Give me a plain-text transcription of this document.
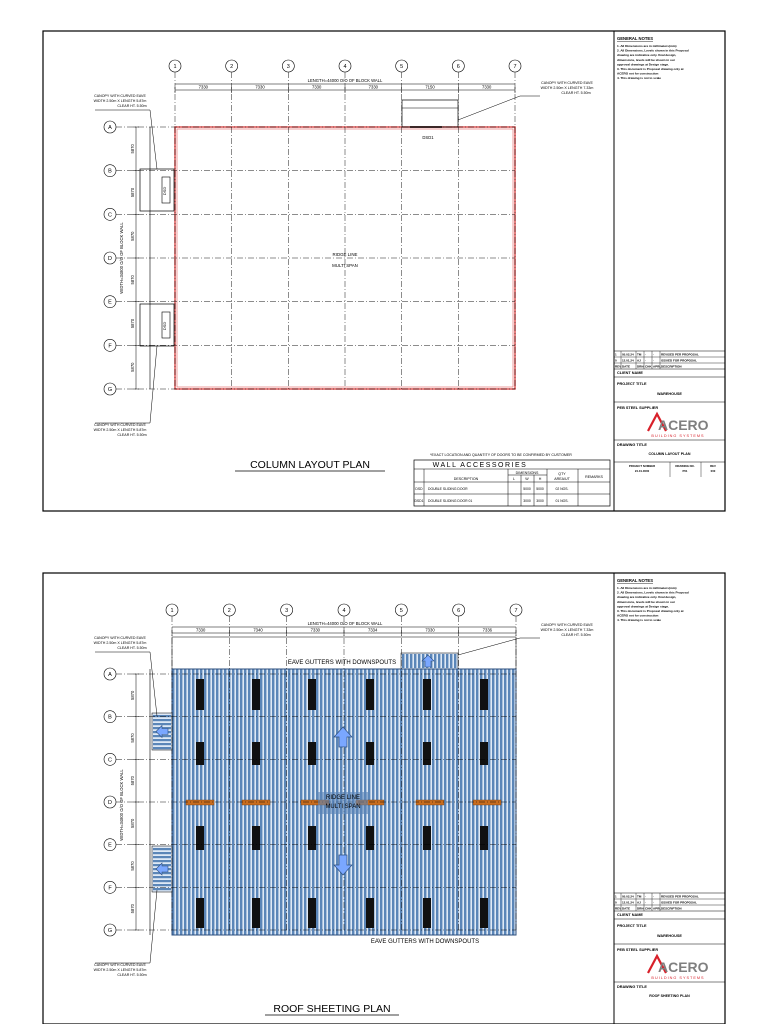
1	2	3	4	5	6	7
A
B
C
D
E
F
G
7330	7330	7330	7330	7150	7330
5870
5870
5870
5870
5870
5870
LENGTH=44000 O/O OF BLOCK WALL
WIDTH=34800 O/O OF BLOCK WALL
DSD
DSD
DSD1
RIDGE LINE
MULTI SPAN
CANOPY WITH CURVED EAVE
WIDTH 2.50m X LENGTH 5.87m
CLEAR HT. 5.50m
CANOPY WITH CURVED EAVE
WIDTH 2.50m X LENGTH 7.33m
CLEAR HT. 5.50m
CANOPY WITH CURVED EAVE
WIDTH 2.50m X LENGTH 5.87m
CLEAR HT. 5.50m
COLUMN LAYOUT PLAN
*EXACT LOCATION AND QUANTITY OF DOORS TO BE CONFIRMED BY CUSTOMER
WALL ACCESSORIES
DESCRIPTION
DIMENSIONS
L	W	H
QTY
AREA/UT	REMARKS
DSD DOUBLE SLIDING DOOR	5000 5000	02 NOS.
DSD1 DOUBLE SLIDING DOOR 01	3000 3000	01 NOS.
GENERAL NOTES
1. All Dimensions are in millimeters(mm)
2. All Dimensions, Levels shown in this Proposal
drawing are indicative only. final design,
dimensions, levels will be shown in our
approval drawings at Design stage.
3. This document is Proposal drawing only at
ACERO not for construction
4. This drawing is not to scale
1 05.02.24 TM - - REVISED PER PROPOSAL
0 12.01.24 AJ - - ISSUED FOR PROPOSAL
REV DATE DRN CHK APRL DESCRIPTION
CLIENT NAME
PROJECT TITLE
WAREHOUSE
PEB STEEL SUPPLIER
ACERO
BUILDING SYSTEMS
DRAWING TITLE
COLUMN LAYOUT PLAN
PROJECT NUMBER
24-01-0000
DRAWING NO.
P01
REV
000
1	2	3	4	5	6	7
A
B
C
D
E
F
G
7330	7340	7330	7334	7330	7336
5870
5870
5870
5870
5870
5870
LENGTH=44000 O/O OF BLOCK WALL
WIDTH=34800 O/O OF BLOCK WALL
EAVE GUTTERS WITH DOWNSPOUTS
EAVE GUTTERS WITH DOWNSPOUTS
RIDGE LINE
MULTI SPAN
CANOPY WITH CURVED EAVE
WIDTH 2.50m X LENGTH 5.87m
CLEAR HT. 5.50m
CANOPY WITH CURVED EAVE
WIDTH 2.50m X LENGTH 7.33m
CLEAR HT. 5.50m
CANOPY WITH CURVED EAVE
WIDTH 2.50m X LENGTH 5.87m
CLEAR HT. 5.50m
ROOF SHEETING PLAN
GENERAL NOTES
1. All Dimensions are in millimeters(mm)
2. All Dimensions, Levels shown in this Proposal
drawing are indicative only. final design,
dimensions, levels will be shown in our
approval drawings at Design stage.
3. This document is Proposal drawing only at
ACERO not for construction
4. This drawing is not to scale
1 05.02.24 TM - - REVISED PER PROPOSAL
0 12.01.24 AJ - - ISSUED FOR PROPOSAL
REV DATE DRN CHK APRL DESCRIPTION
CLIENT NAME
PROJECT TITLE
WAREHOUSE
PEB STEEL SUPPLIER
ACERO
BUILDING SYSTEMS
DRAWING TITLE
ROOF SHEETING PLAN
